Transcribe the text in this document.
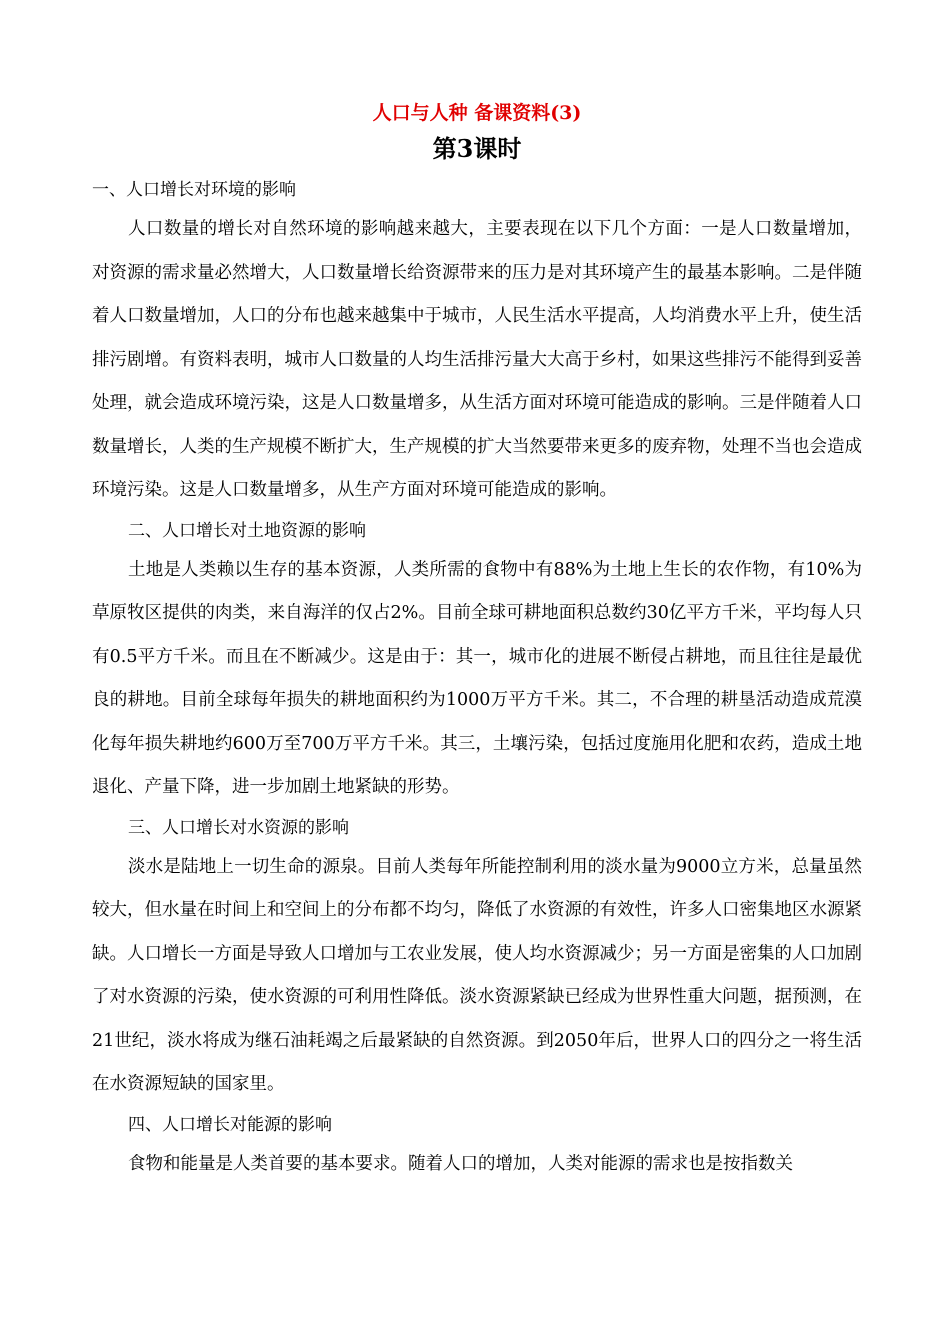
人口与人种 备课资料(3)
第3课时

一、人口增长对环境的影响

人口数量的增长对自然环境的影响越来越大，主要表现在以下几个方面：一是人口数量增加，对资源的需求量必然增大，人口数量增长给资源带来的压力是对其环境产生的最基本影响。二是伴随着人口数量增加，人口的分布也越来越集中于城市，人民生活水平提高，人均消费水平上升，使生活排污剧增。有资料表明，城市人口数量的人均生活排污量大大高于乡村，如果这些排污不能得到妥善处理，就会造成环境污染，这是人口数量增多，从生活方面对环境可能造成的影响。三是伴随着人口数量增长，人类的生产规模不断扩大，生产规模的扩大当然要带来更多的废弃物，处理不当也会造成环境污染。这是人口数量增多，从生产方面对环境可能造成的影响。

二、人口增长对土地资源的影响

土地是人类赖以生存的基本资源，人类所需的食物中有88%为土地上生长的农作物，有10%为草原牧区提供的肉类，来自海洋的仅占2%。目前全球可耕地面积总数约30亿平方千米，平均每人只有0.5平方千米。而且在不断减少。这是由于：其一，城市化的进展不断侵占耕地，而且往往是最优良的耕地。目前全球每年损失的耕地面积约为1000万平方千米。其二，不合理的耕垦活动造成荒漠化每年损失耕地约600万至700万平方千米。其三，土壤污染，包括过度施用化肥和农药，造成土地退化、产量下降，进一步加剧土地紧缺的形势。

三、人口增长对水资源的影响

淡水是陆地上一切生命的源泉。目前人类每年所能控制利用的淡水量为9000立方米，总量虽然较大，但水量在时间上和空间上的分布都不均匀，降低了水资源的有效性，许多人口密集地区水源紧缺。人口增长一方面是导致人口增加与工农业发展，使人均水资源减少；另一方面是密集的人口加剧了对水资源的污染，使水资源的可利用性降低。淡水资源紧缺已经成为世界性重大问题，据预测，在21世纪，淡水将成为继石油耗竭之后最紧缺的自然资源。到2050年后，世界人口的四分之一将生活在水资源短缺的国家里。

四、人口增长对能源的影响

食物和能量是人类首要的基本要求。随着人口的增加，人类对能源的需求也是按指数关
